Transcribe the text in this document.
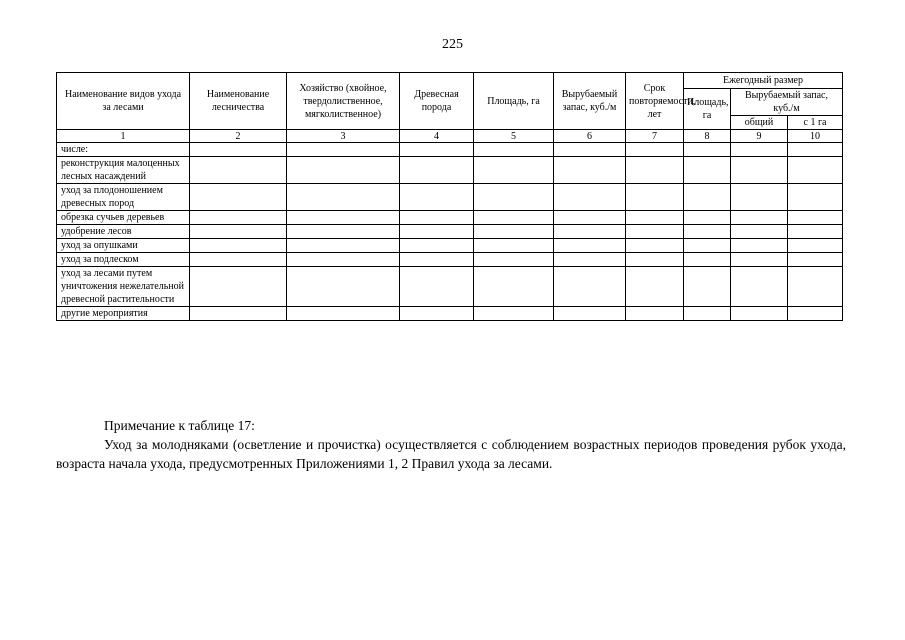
225
Наименование видов ухода за лесами	Наименование лесничества	Хозяйство (хвойное, твердолиственное, мягколиственное)	Древесная порода	Площадь, га	Вырубаемый запас, куб./м	Срок повторяемости, лет	Ежегодный размер		
							Площадь, га	Вырубаемый запас, куб./м	
								общий	с 1 га
1	2	3	4	5	6	7	8	9	10
числе:									
реконструкция малоценных лесных насаждений									
уход за плодоношением древесных пород									
обрезка сучьев деревьев									
удобрение лесов									
уход за опушками									
уход за подлеском									
уход за лесами путем уничтожения нежелательной древесной растительности									
другие мероприятия									
Примечание к таблице 17:
Уход за молодняками (осветление и прочистка) осуществляется с соблюдением возрастных периодов проведения рубок ухода, возраста начала ухода, предусмотренных Приложениями 1, 2 Правил ухода за лесами.
